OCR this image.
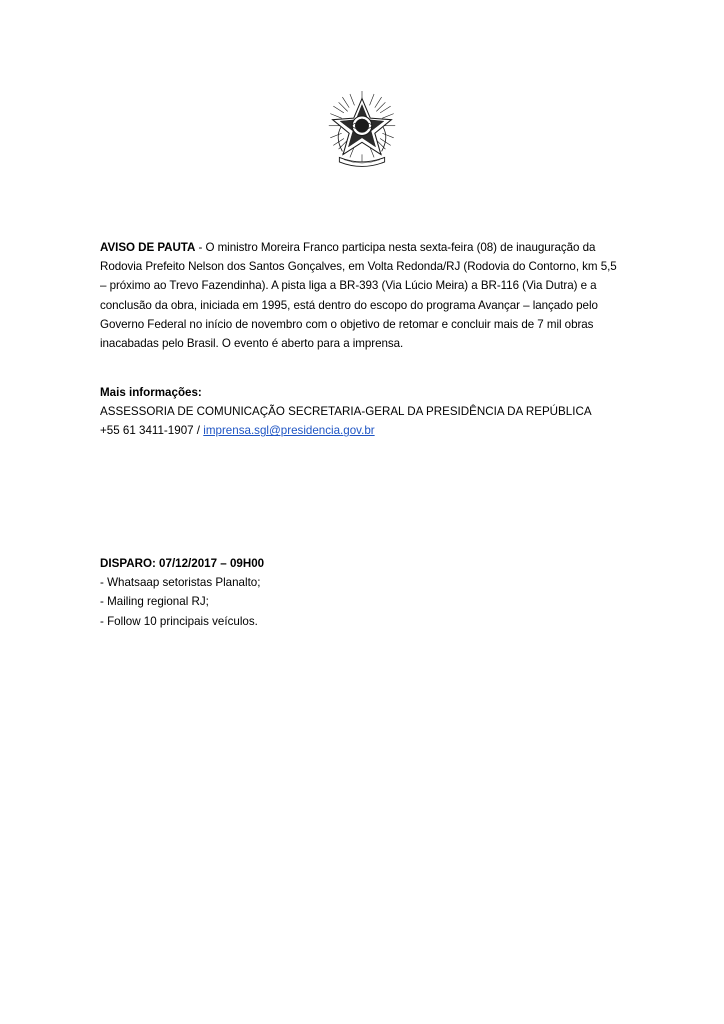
AVISO DE PAUTA - O ministro Moreira Franco participa nesta sexta-feira (08) de inauguração da Rodovia Prefeito Nelson dos Santos Gonçalves, em Volta Redonda/RJ (Rodovia do Contorno, km 5,5 – próximo ao Trevo Fazendinha). A pista liga a BR-393 (Via Lúcio Meira) a BR-116 (Via Dutra) e a conclusão da obra, iniciada em 1995, está dentro do escopo do programa Avançar – lançado pelo Governo Federal no início de novembro com o objetivo de retomar e concluir mais de 7 mil obras inacabadas pelo Brasil. O evento é aberto para a imprensa.

Mais informações:

ASSESSORIA DE COMUNICAÇÃO SECRETARIA-GERAL DA PRESIDÊNCIA DA REPÚBLICA

+55 61 3411-1907 / imprensa.sgl@presidencia.gov.br

DISPARO: 07/12/2017 – 09H00

- Whatsaap setoristas Planalto;

- Mailing regional RJ;

- Follow 10 principais veículos.
